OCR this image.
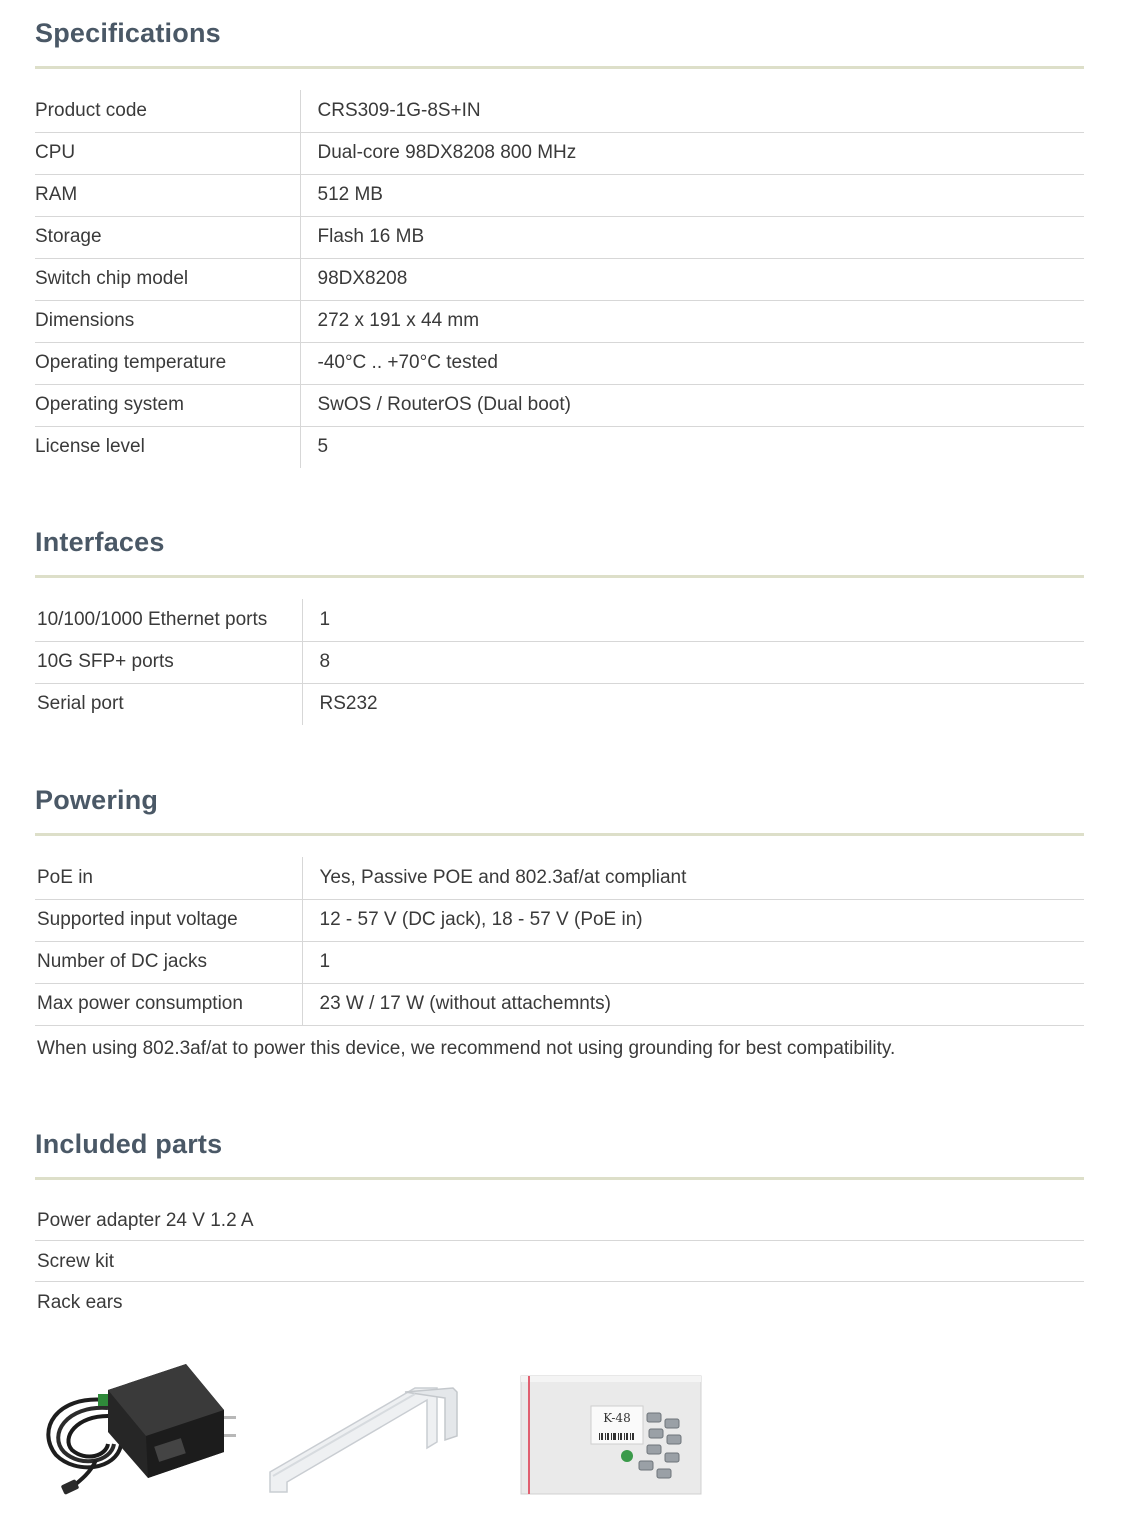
Specifications
Product code	CRS309-1G-8S+IN
CPU	Dual-core 98DX8208 800 MHz
RAM	512 MB
Storage	Flash 16 MB
Switch chip model	98DX8208
Dimensions	272 x 191 x 44 mm
Operating temperature	-40°C .. +70°C tested
Operating system	SwOS / RouterOS (Dual boot)
License level	5
Interfaces
10/100/1000 Ethernet ports	1
10G SFP+ ports	8
Serial port	RS232
Powering
PoE in	Yes, Passive POE and 802.3af/at compliant
Supported input voltage	12 - 57 V (DC jack), 18 - 57 V (PoE in)
Number of DC jacks	1
Max power consumption	23 W / 17 W (without attachemnts)

When using 802.3af/at to power this device, we recommend not using grounding for best compatibility.

Included parts
Power adapter 24 V 1.2 A
Screw kit
Rack ears
K-48
